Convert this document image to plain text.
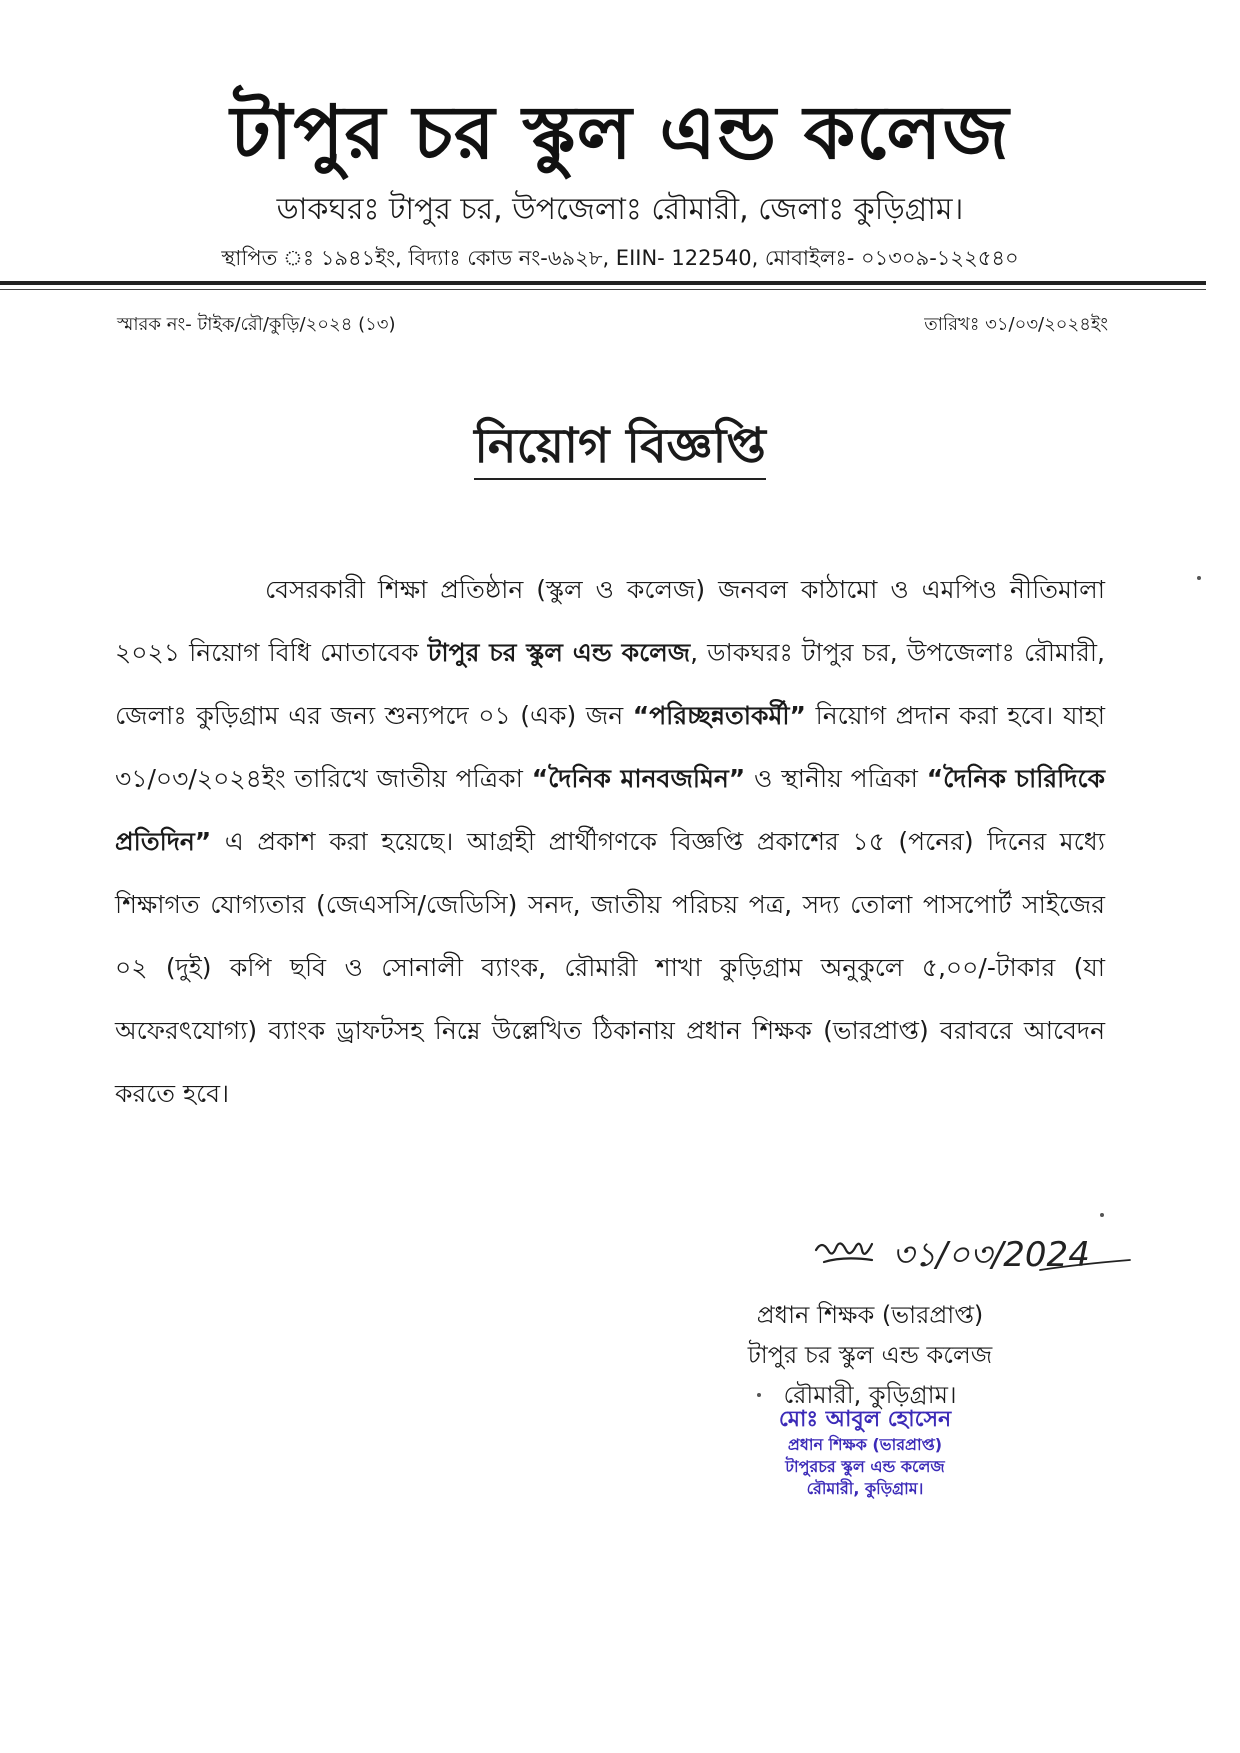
টাপুর চর স্কুল এন্ড কলেজ
ডাকঘরঃ টাপুর চর, উপজেলাঃ রৌমারী, জেলাঃ কুড়িগ্রাম।
স্থাপিত ঃ ১৯৪১ইং, বিদ্যাঃ কোড নং-৬৯২৮, EIIN- 122540, মোবাইলঃ- ০১৩০৯-১২২৫৪০
স্মারক নং- টাইক/রৌ/কুড়ি/২০২৪ (১৩)	তারিখঃ ৩১/০৩/২০২৪ইং
নিয়োগ বিজ্ঞপ্তি
বেসরকারী শিক্ষা প্রতিষ্ঠান (স্কুল ও কলেজ) জনবল কাঠামো ও এমপিও নীতিমালা ২০২১ নিয়োগ বিধি মোতাবেক টাপুর চর স্কুল এন্ড কলেজ, ডাকঘরঃ টাপুর চর, উপজেলাঃ রৌমারী, জেলাঃ কুড়িগ্রাম এর জন্য শুন্যপদে ০১ (এক) জন “পরিচ্ছন্নতাকর্মী” নিয়োগ প্রদান করা হবে। যাহা ৩১/০৩/২০২৪ইং তারিখে জাতীয় পত্রিকা “দৈনিক মানবজমিন” ও স্থানীয় পত্রিকা “দৈনিক চারিদিকে প্রতিদিন” এ প্রকাশ করা হয়েছে। আগ্রহী প্রার্থীগণকে বিজ্ঞপ্তি প্রকাশের ১৫ (পনের) দিনের মধ্যে শিক্ষাগত যোগ্যতার (জেএসসি/জেডিসি) সনদ, জাতীয় পরিচয় পত্র, সদ্য তোলা পাসপোর্ট সাইজের ০২ (দুই) কপি ছবি ও সোনালী ব্যাংক, রৌমারী শাখা কুড়িগ্রাম অনুকুলে ৫,০০/-টাকার (যা অফেরৎযোগ্য) ব্যাংক ড্রাফটসহ নিম্নে উল্লেখিত ঠিকানায় প্রধান শিক্ষক (ভারপ্রাপ্ত) বরাবরে আবেদন করতে হবে।
৩১/০৩/2024
প্রধান শিক্ষক (ভারপ্রাপ্ত)
টাপুর চর স্কুল এন্ড কলেজ
রৌমারী, কুড়িগ্রাম।
মোঃ আবুল হোসেন
প্রধান শিক্ষক (ভারপ্রাপ্ত)
টাপুরচর স্কুল এন্ড কলেজ
রৌমারী, কুড়িগ্রাম।
